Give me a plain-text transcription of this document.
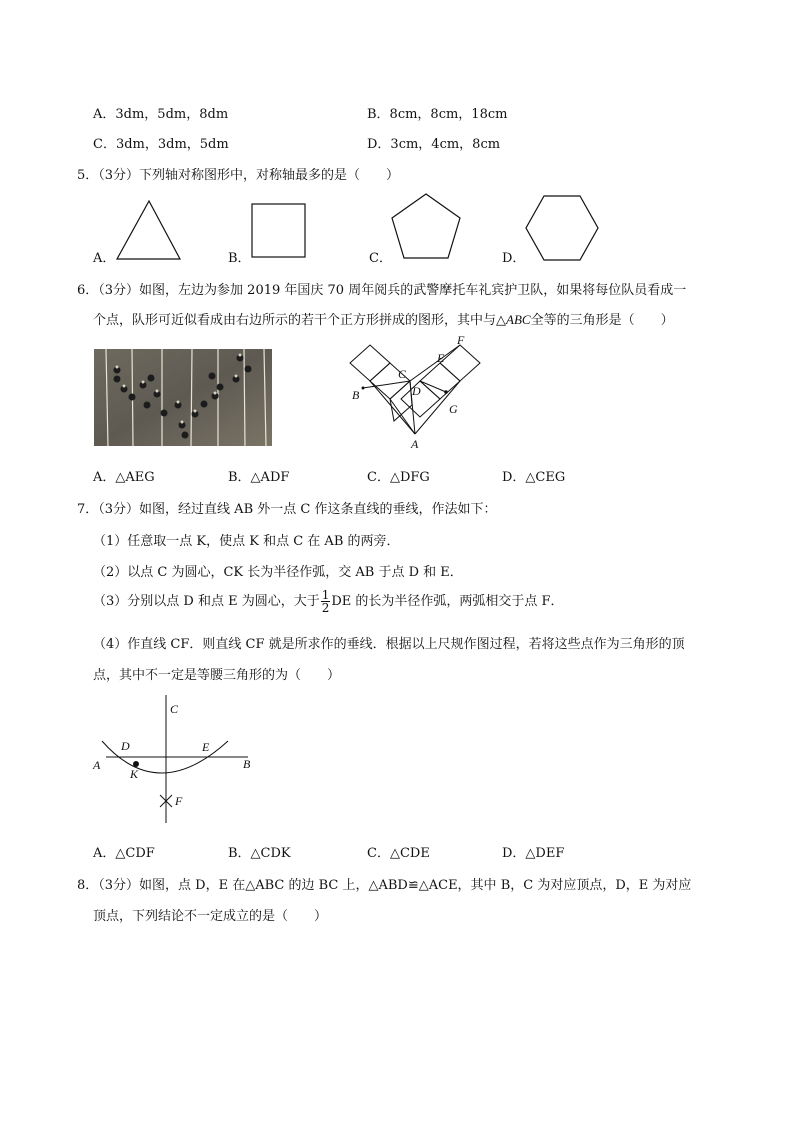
A．3dm，5dm，8dm	B．8cm，8cm，18cm
C．3dm，3dm，5dm	D．3cm，4cm，8cm
5．（3分）下列轴对称图形中，对称轴最多的是（　　）
A．	B．	C．	D．
6．（3分）如图，左边为参加 2019 年国庆 70 周年阅兵的武警摩托车礼宾护卫队，如果将每位队员看成一
个点，队形可近似看成由右边所示的若干个正方形拼成的图形，其中与△ABC全等的三角形是（　　）
F
E
C
D
B
G
A
A．△AEG	B．△ADF	C．△DFG	D．△CEG
7．（3分）如图，经过直线 AB 外一点 C 作这条直线的垂线，作法如下：
（1）任意取一点 K，使点 K 和点 C 在 AB 的两旁．
（2）以点 C 为圆心，CK 长为半径作弧，交 AB 于点 D 和 E．
（3）分别以点 D 和点 E 为圆心，大于 $\frac{1}{2}$ DE 的长为半径作弧，两弧相交于点 F．
（4）作直线 CF．则直线 CF 就是所求作的垂线．根据以上尺规作图过程，若将这些点作为三角形的顶
点，其中不一定是等腰三角形的为（　　）
C
D	E
A
K
B
F
A．△CDF	B．△CDK	C．△CDE	D．△DEF
8．（3分）如图，点 D，E 在△ABC 的边 BC 上，△ABD≌△ACE，其中 B，C 为对应顶点，D，E 为对应
顶点，下列结论不一定成立的是（　　）
